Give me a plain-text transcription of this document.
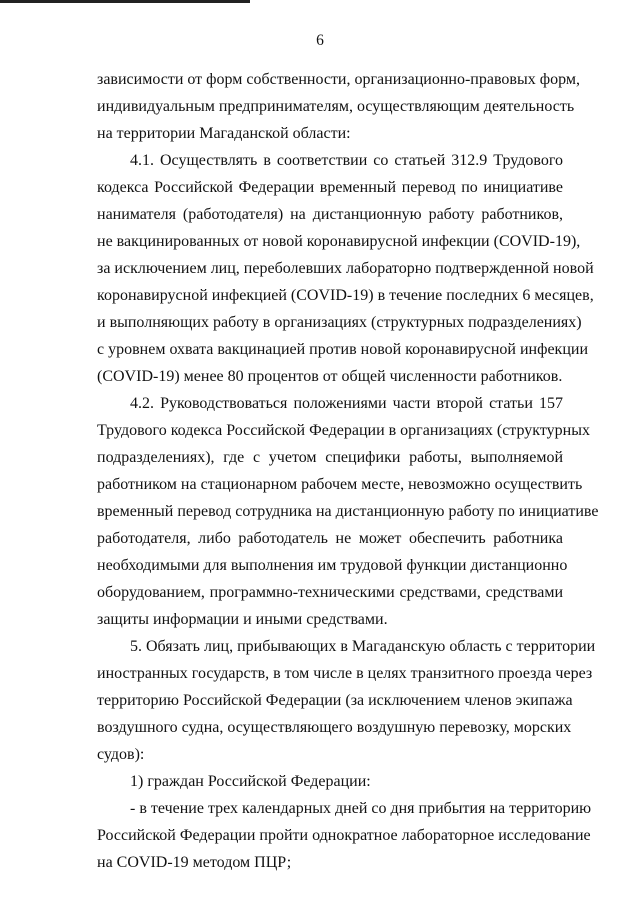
6
зависимости от форм собственности, организационно-правовых форм,
индивидуальным предпринимателям, осуществляющим деятельность
на территории Магаданской области:
4.1. Осуществлять в соответствии со статьей 312.9 Трудового
кодекса Российской Федерации временный перевод по инициативе
нанимателя (работодателя) на дистанционную работу работников,
не вакцинированных от новой коронавирусной инфекции (COVID-19),
за исключением лиц, переболевших лабораторно подтвержденной новой
коронавирусной инфекцией (COVID-19) в течение последних 6 месяцев,
и выполняющих работу в организациях (структурных подразделениях)
с уровнем охвата вакцинацией против новой коронавирусной инфекции
(COVID-19) менее 80 процентов от общей численности работников.
4.2. Руководствоваться положениями части второй статьи 157
Трудового кодекса Российской Федерации в организациях (структурных
подразделениях), где с учетом специфики работы, выполняемой
работником на стационарном рабочем месте, невозможно осуществить
временный перевод сотрудника на дистанционную работу по инициативе
работодателя, либо работодатель не может обеспечить работника
необходимыми для выполнения им трудовой функции дистанционно
оборудованием, программно-техническими средствами, средствами
защиты информации и иными средствами.
5. Обязать лиц, прибывающих в Магаданскую область с территории
иностранных государств, в том числе в целях транзитного проезда через
территорию Российской Федерации (за исключением членов экипажа
воздушного судна, осуществляющего воздушную перевозку, морских
судов):
1) граждан Российской Федерации:
- в течение трех календарных дней со дня прибытия на территорию
Российской Федерации пройти однократное лабораторное исследование
на COVID-19 методом ПЦР;
